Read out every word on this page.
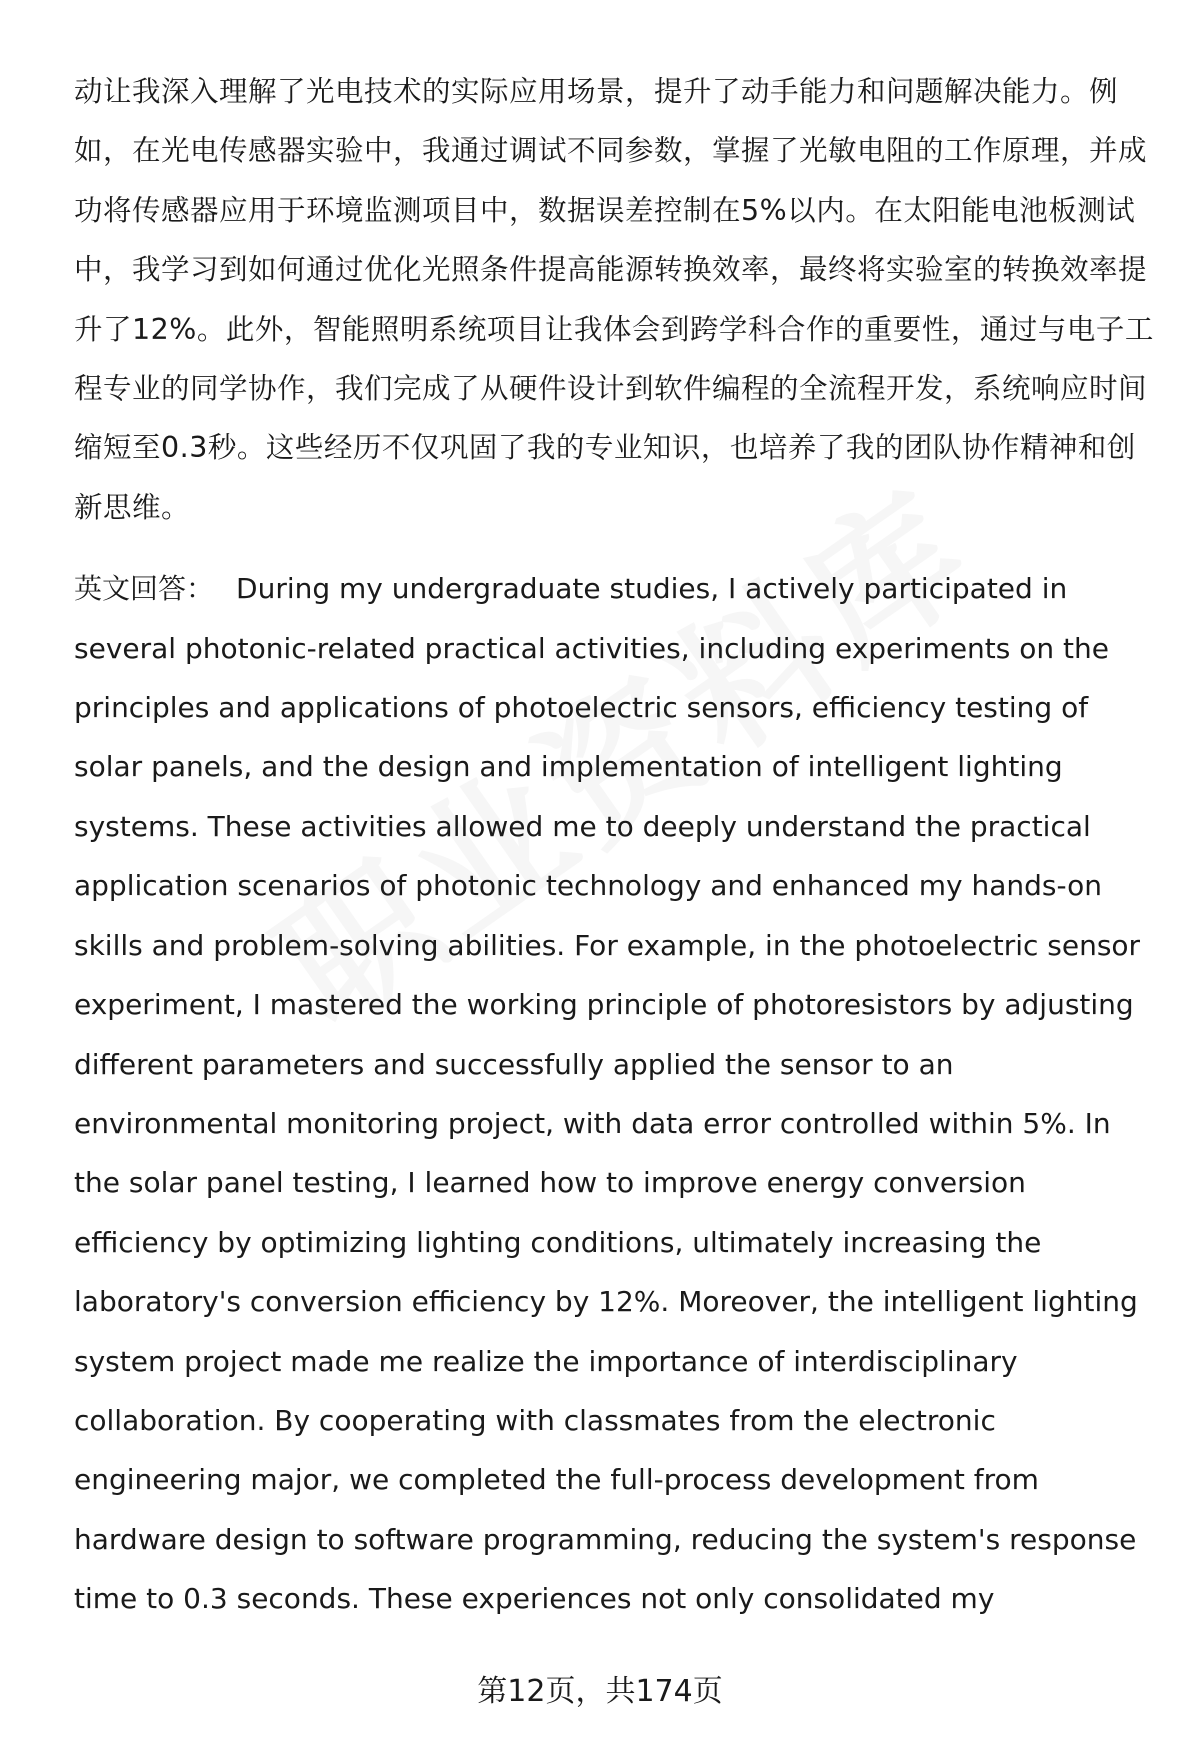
动让我深入理解了光电技术的实际应用场景，提升了动手能力和问题解决能力。例如，在光电传感器实验中，我通过调试不同参数，掌握了光敏电阻的工作原理，并成功将传感器应用于环境监测项目中，数据误差控制在5%以内。在太阳能电池板测试中，我学习到如何通过优化光照条件提高能源转换效率，最终将实验室的转换效率提升了12%。此外，智能照明系统项目让我体会到跨学科合作的重要性，通过与电子工程专业的同学协作，我们完成了从硬件设计到软件编程的全流程开发，系统响应时间缩短至0.3秒。这些经历不仅巩固了我的专业知识，也培养了我的团队协作精神和创新思维。

英文回答： During my undergraduate studies, I actively participated in several photonic-related practical activities, including experiments on the principles and applications of photoelectric sensors, efficiency testing of solar panels, and the design and implementation of intelligent lighting systems. These activities allowed me to deeply understand the practical application scenarios of photonic technology and enhanced my hands-on skills and problem-solving abilities. For example, in the photoelectric sensor experiment, I mastered the working principle of photoresistors by adjusting different parameters and successfully applied the sensor to an environmental monitoring project, with data error controlled within 5%. In the solar panel testing, I learned how to improve energy conversion efficiency by optimizing lighting conditions, ultimately increasing the laboratory's conversion efficiency by 12%. Moreover, the intelligent lighting system project made me realize the importance of interdisciplinary collaboration. By cooperating with classmates from the electronic engineering major, we completed the full-process development from hardware design to software programming, reducing the system's response time to 0.3 seconds. These experiences not only consolidated my

第12页，共174页
